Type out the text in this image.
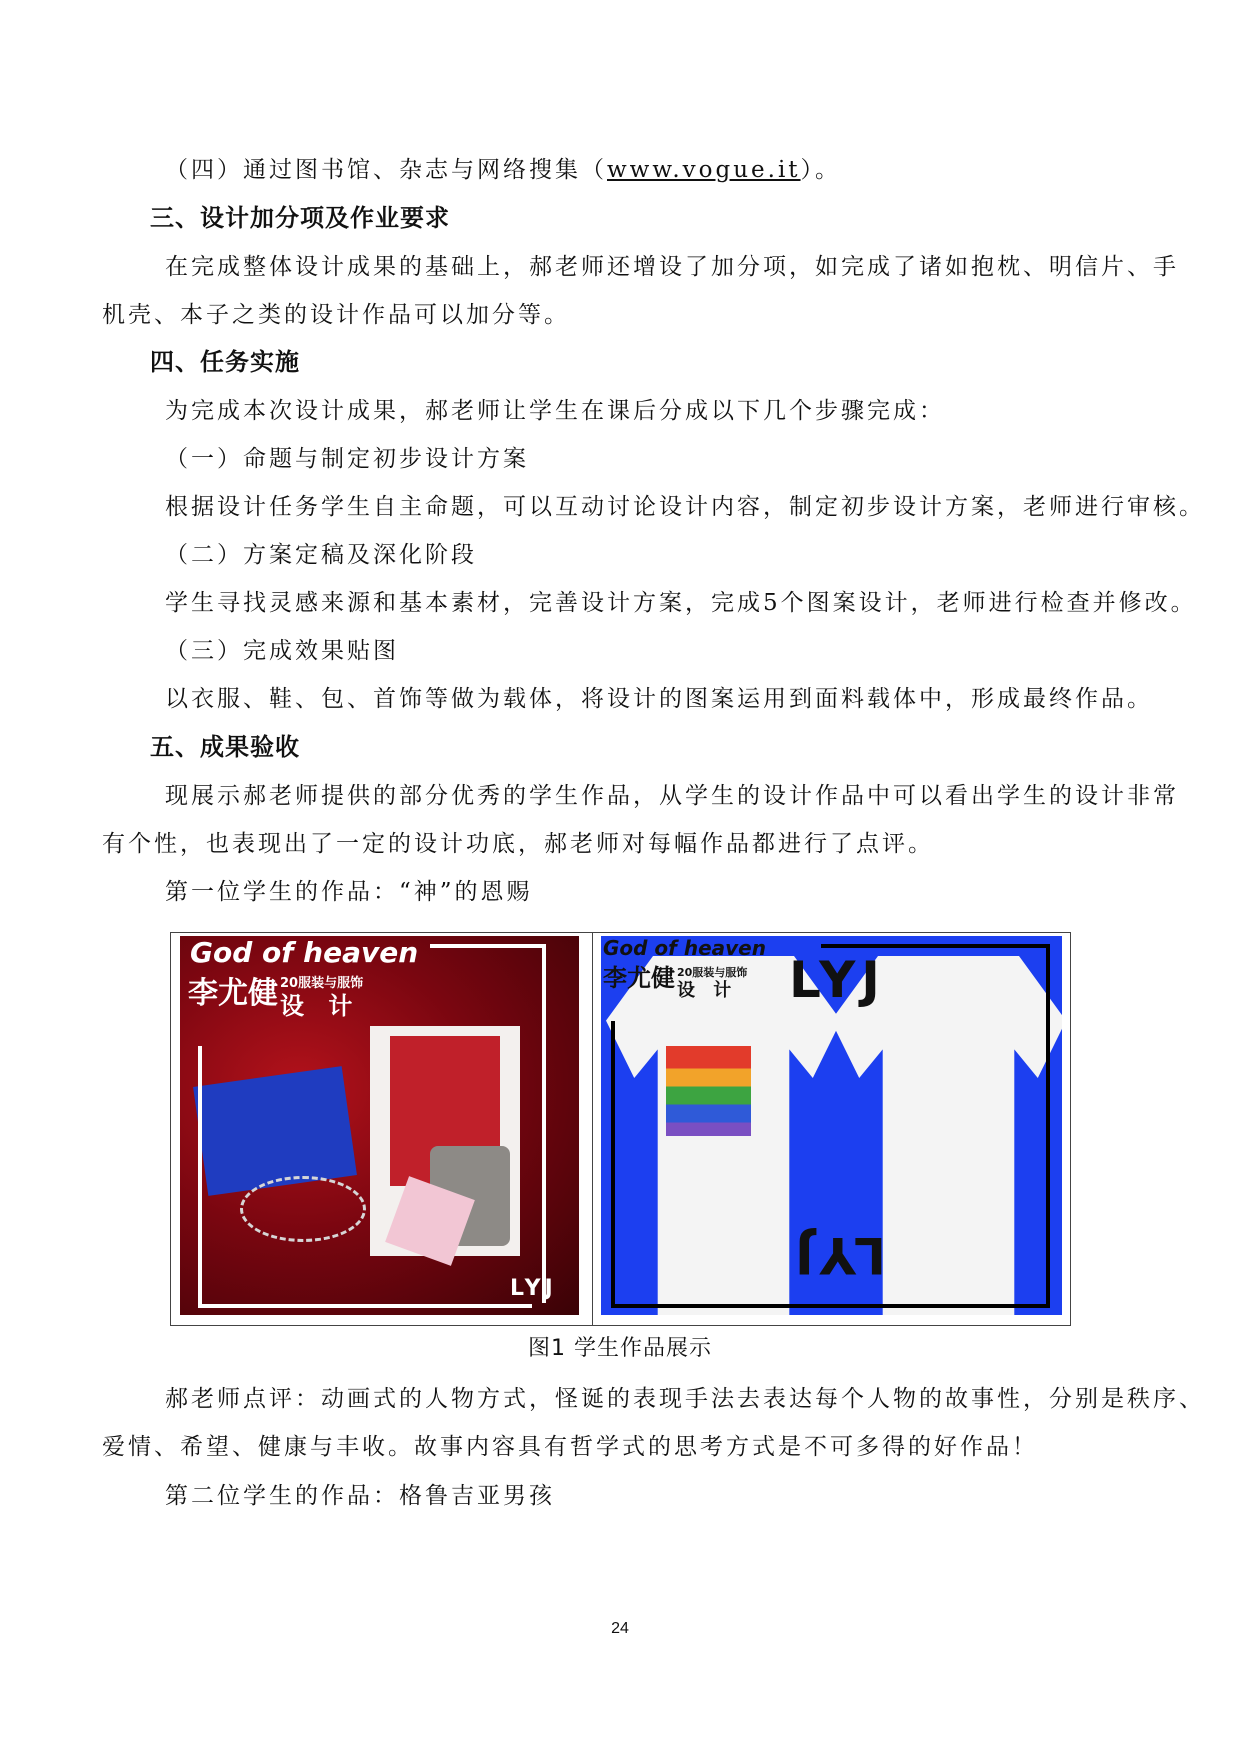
（四）通过图书馆、杂志与网络搜集（www.vogue.it）。
三、设计加分项及作业要求
在完成整体设计成果的基础上，郝老师还增设了加分项，如完成了诸如抱枕、明信片、手
机壳、本子之类的设计作品可以加分等。
四、任务实施
为完成本次设计成果，郝老师让学生在课后分成以下几个步骤完成：
（一）命题与制定初步设计方案
根据设计任务学生自主命题，可以互动讨论设计内容，制定初步设计方案，老师进行审核。
（二）方案定稿及深化阶段
学生寻找灵感来源和基本素材，完善设计方案，完成5个图案设计，老师进行检查并修改。
（三）完成效果贴图
以衣服、鞋、包、首饰等做为载体，将设计的图案运用到面料载体中，形成最终作品。
五、成果验收
现展示郝老师提供的部分优秀的学生作品，从学生的设计作品中可以看出学生的设计非常
有个性，也表现出了一定的设计功底，郝老师对每幅作品都进行了点评。
第一位学生的作品：“神”的恩赐
God of heaven
李尤健 20服装与服饰
设 计
LYJ
God of heaven
李尤健 20服装与服饰
设 计 LYJ
LYJ
图1 学生作品展示
郝老师点评：动画式的人物方式，怪诞的表现手法去表达每个人物的故事性，分别是秩序、
爱情、希望、健康与丰收。故事内容具有哲学式的思考方式是不可多得的好作品！
第二位学生的作品：格鲁吉亚男孩
24
